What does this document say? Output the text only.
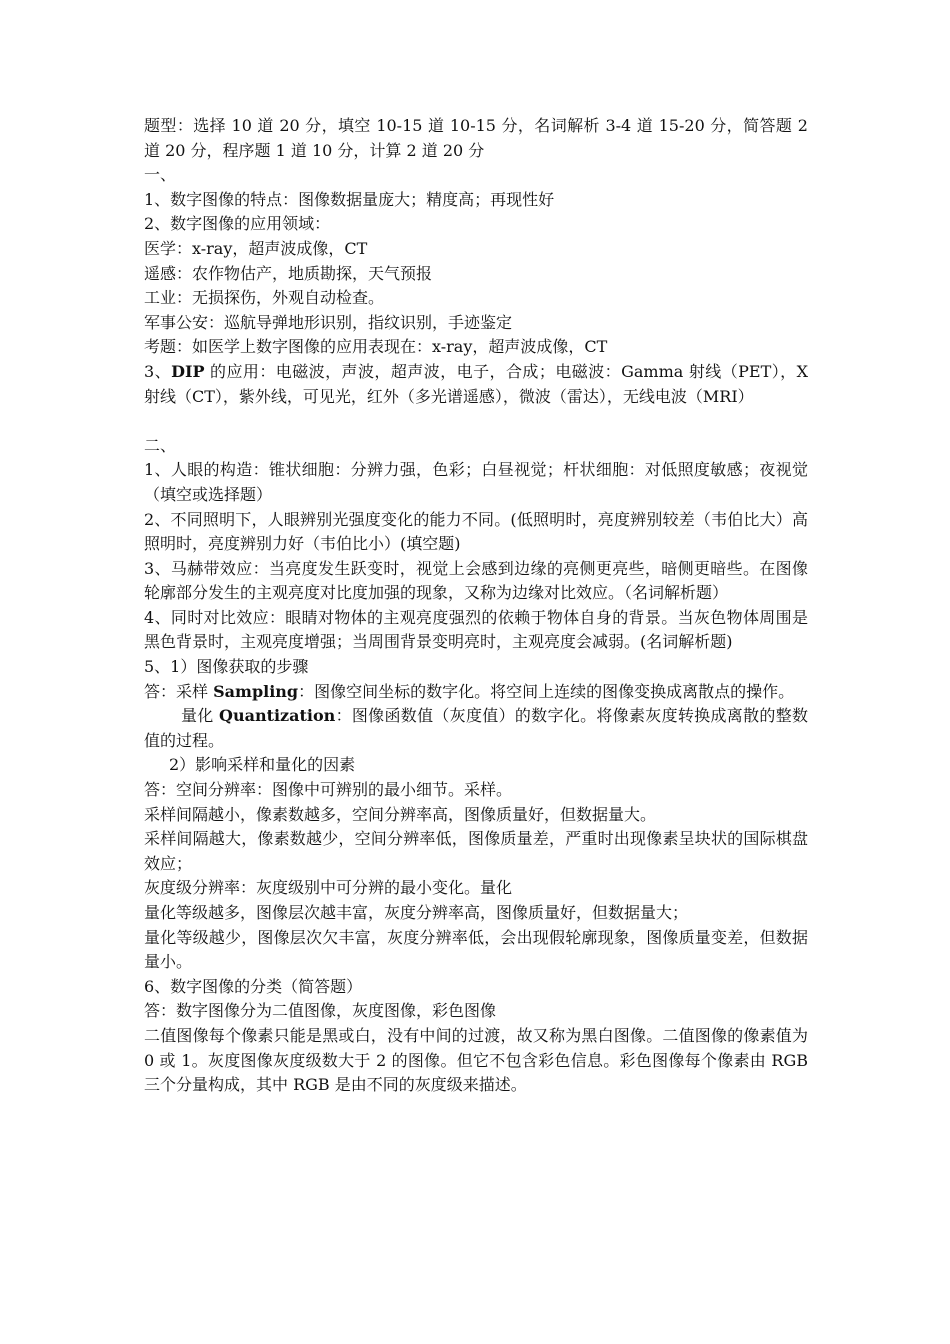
题型：选择 10 道 20 分，填空 10-15 道 10-15 分，名词解析 3-4 道 15-20 分，简答题 2 道 20 分，程序题 1 道 10 分，计算 2 道 20 分

一、

1、数字图像的特点：图像数据量庞大；精度高；再现性好

2、数字图像的应用领域：

医学：x-ray，超声波成像，CT

遥感：农作物估产，地质勘探，天气预报

工业：无损探伤，外观自动检查。

军事公安：巡航导弹地形识别，指纹识别，手迹鉴定

考题：如医学上数字图像的应用表现在：x-ray，超声波成像，CT

3、DIP 的应用：电磁波，声波，超声波，电子，合成；电磁波：Gamma 射线（PET），X 射线（CT），紫外线，可见光，红外（多光谱遥感），微波（雷达），无线电波（MRI）

二、

1、人眼的构造：锥状细胞：分辨力强，色彩；白昼视觉；杆状细胞：对低照度敏感；夜视觉（填空或选择题）

2、不同照明下，人眼辨别光强度变化的能力不同。(低照明时，亮度辨别较差（韦伯比大）高照明时，亮度辨别力好（韦伯比小）(填空题)

3、马赫带效应：当亮度发生跃变时，视觉上会感到边缘的亮侧更亮些，暗侧更暗些。在图像轮廓部分发生的主观亮度对比度加强的现象，又称为边缘对比效应。（名词解析题）

4、同时对比效应：眼睛对物体的主观亮度强烈的依赖于物体自身的背景。当灰色物体周围是黑色背景时，主观亮度增强；当周围背景变明亮时，主观亮度会减弱。(名词解析题)

5、1）图像获取的步骤

答：采样 Sampling：图像空间坐标的数字化。将空间上连续的图像变换成离散点的操作。

量化 Quantization：图像函数值（灰度值）的数字化。将像素灰度转换成离散的整数值的过程。

2）影响采样和量化的因素

答：空间分辨率：图像中可辨别的最小细节。采样。

采样间隔越小，像素数越多，空间分辨率高，图像质量好，但数据量大。

采样间隔越大，像素数越少，空间分辨率低，图像质量差，严重时出现像素呈块状的国际棋盘效应；

灰度级分辨率：灰度级别中可分辨的最小变化。量化

量化等级越多，图像层次越丰富，灰度分辨率高，图像质量好，但数据量大；

量化等级越少，图像层次欠丰富，灰度分辨率低，会出现假轮廓现象，图像质量变差，但数据量小。

6、数字图像的分类（简答题）

答：数字图像分为二值图像，灰度图像，彩色图像

二值图像每个像素只能是黑或白，没有中间的过渡，故又称为黑白图像。二值图像的像素值为 0 或 1。灰度图像灰度级数大于 2 的图像。但它不包含彩色信息。彩色图像每个像素由 RGB 三个分量构成，其中 RGB 是由不同的灰度级来描述。
